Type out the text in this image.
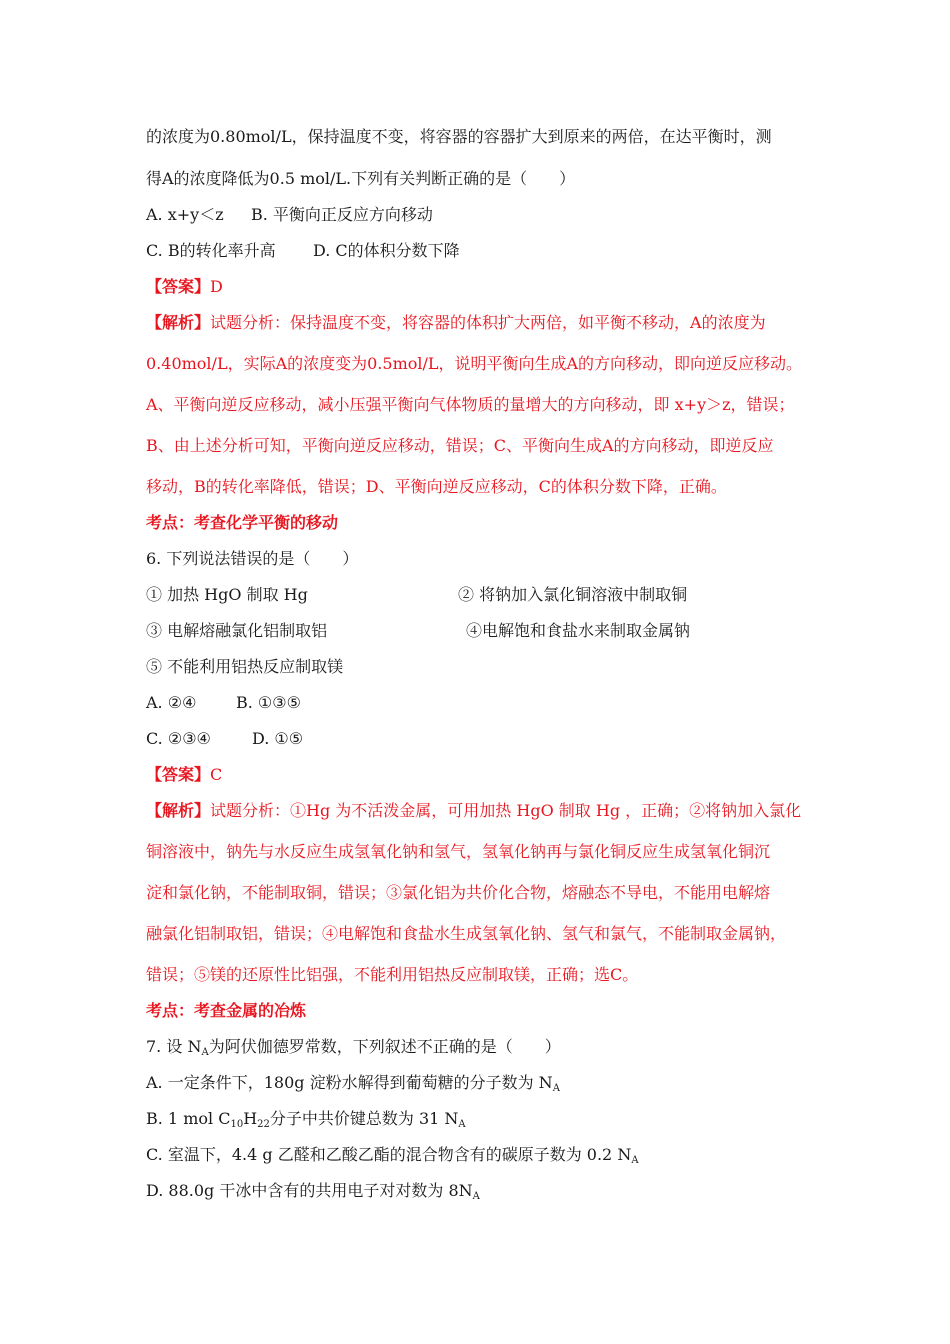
的浓度为0.80mol/L，保持温度不变，将容器的容器扩大到原来的两倍，在达平衡时，测
得A的浓度降低为0.5 mol/L.下列有关判断正确的是（　　）
A. x+y＜z B. 平衡向正反应方向移动
C. B的转化率升高 D. C的体积分数下降
【答案】D
【解析】试题分析：保持温度不变，将容器的体积扩大两倍，如平衡不移动，A的浓度为
0.40mol/L，实际A的浓度变为0.5mol/L，说明平衡向生成A的方向移动，即向逆反应移动。
A、平衡向逆反应移动，减小压强平衡向气体物质的量增大的方向移动，即 x+y＞z，错误；
B、由上述分析可知，平衡向逆反应移动，错误；C、平衡向生成A的方向移动，即逆反应
移动，B的转化率降低，错误；D、平衡向逆反应移动，C的体积分数下降，正确。
考点：考查化学平衡的移动
6. 下列说法错误的是（　　）
① 加热 HgO 制取 Hg	② 将钠加入氯化铜溶液中制取铜
③ 电解熔融氯化铝制取铝	④电解饱和食盐水来制取金属钠
⑤ 不能利用铝热反应制取镁
A. ②④ B. ①③⑤
C. ②③④	D. ①⑤
【答案】C
【解析】试题分析：①Hg 为不活泼金属，可用加热 HgO 制取 Hg ，正确；②将钠加入氯化
铜溶液中，钠先与水反应生成氢氧化钠和氢气，氢氧化钠再与氯化铜反应生成氢氧化铜沉
淀和氯化钠，不能制取铜，错误；③氯化铝为共价化合物，熔融态不导电，不能用电解熔
融氯化铝制取铝，错误；④电解饱和食盐水生成氢氧化钠、氢气和氯气，不能制取金属钠，
错误；⑤镁的还原性比铝强，不能利用铝热反应制取镁，正确；选C。
考点：考查金属的冶炼
7. 设 $N_A$为阿伏伽德罗常数，下列叙述不正确的是（　　）
A. 一定条件下，180g 淀粉水解得到葡萄糖的分子数为 $N_A$
B. 1 mol $C_{10}H_{22}$分子中共价键总数为 31 $N_A$
C. 室温下，4.4 g 乙醛和乙酸乙酯的混合物含有的碳原子数为 0.2 $N_A$
D. 88.0g 干冰中含有的共用电子对对数为 $8N_A$
